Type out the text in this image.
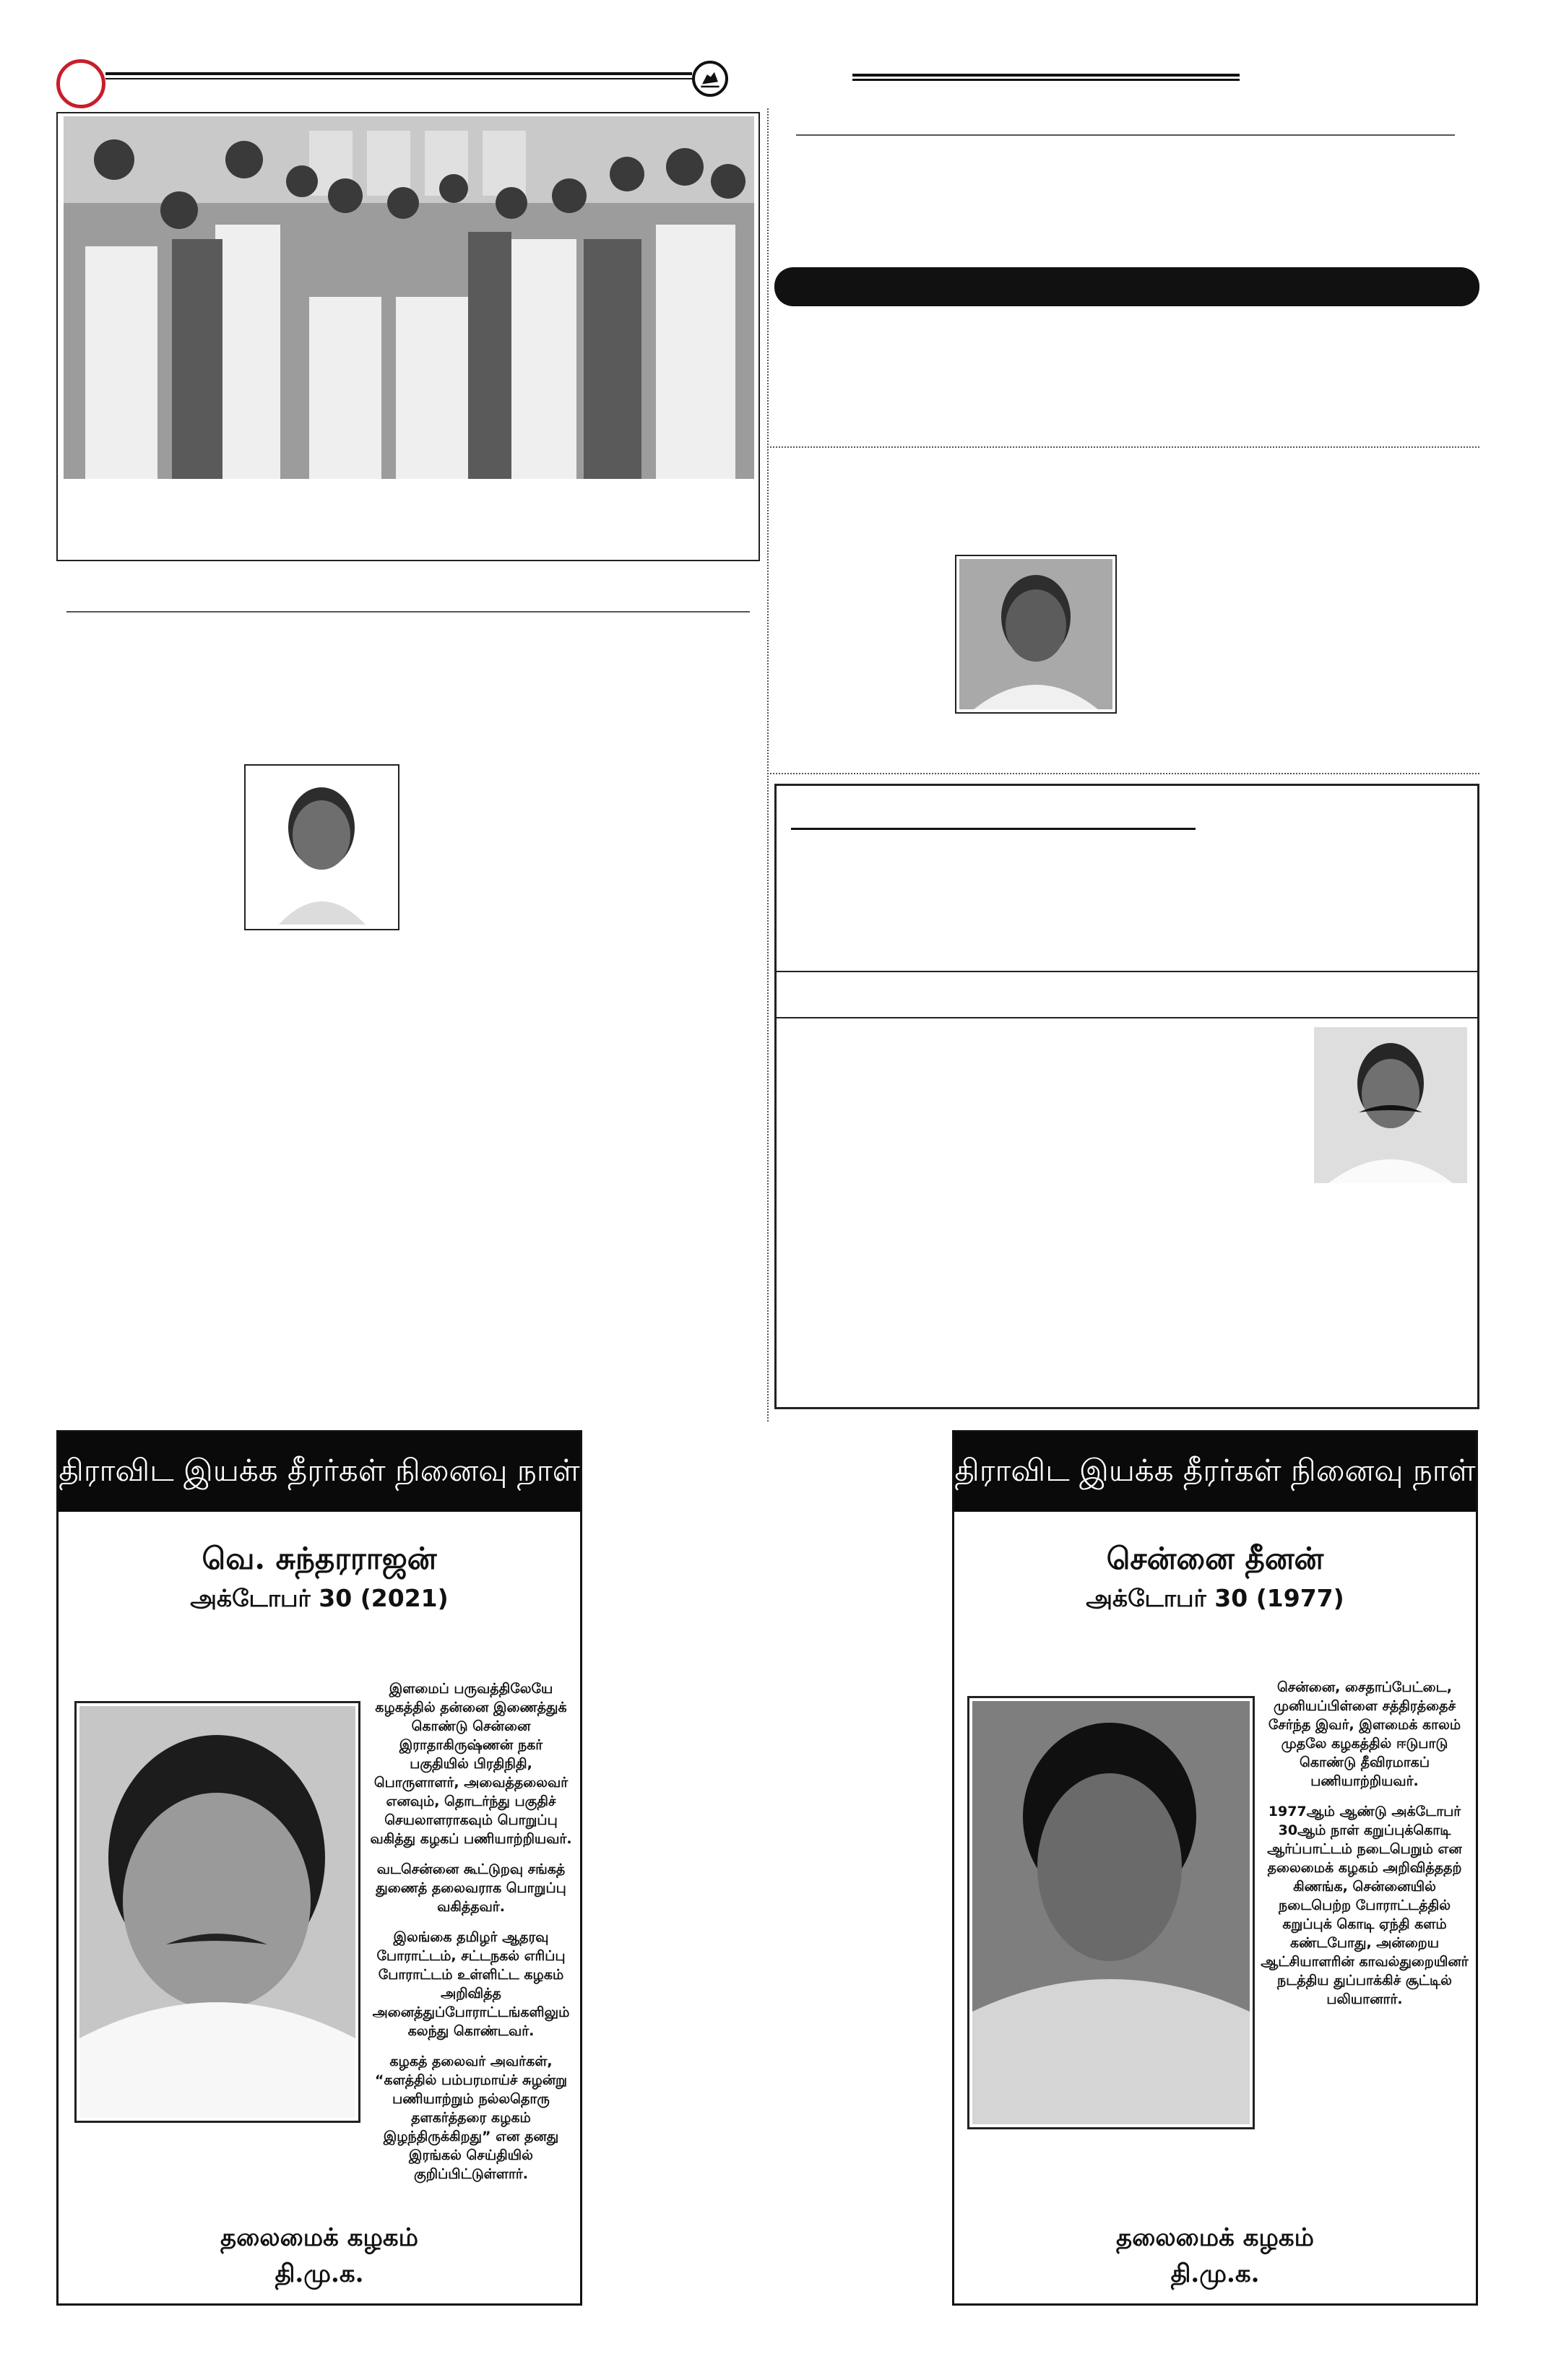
திராவிட இயக்க தீரர்கள் நினைவு நாள்
வெ. சுந்தரராஜன்
அக்டோபர் 30 (2021)

இளமைப் பருவத்திலேயே கழகத்தில் தன்னை இணைத்துக் கொண்டு சென்னை இராதாகிருஷ்ணன் நகர் பகுதியில் பிரதிநிதி, பொருளாளர், அவைத்தலைவர் எனவும், தொடர்ந்து பகுதிச் செயலாளராகவும் பொறுப்பு வகித்து கழகப் பணியாற்றியவர்.

வடசென்னை கூட்டுறவு சங்கத் துணைத் தலைவராக பொறுப்பு வகித்தவர்.

இலங்கை தமிழர் ஆதரவு போராட்டம், சட்டநகல் எரிப்பு போராட்டம் உள்ளிட்ட கழகம் அறிவித்த அனைத்துப்போராட்டங்களிலும் கலந்து கொண்டவர்.

கழகத் தலைவர் அவர்கள், “களத்தில் பம்பரமாய்ச் சுழன்று பணியாற்றும் நல்லதொரு தளகர்த்தரை கழகம் இழந்திருக்கிறது” என தனது இரங்கல் செய்தியில் குறிப்பிட்டுள்ளார்.

தலைமைக் கழகம்
தி.மு.க.
திராவிட இயக்க தீரர்கள் நினைவு நாள்
சென்னை தீனன்
அக்டோபர் 30 (1977)

சென்னை, சைதாப்பேட்டை, முனியப்பிள்ளை சத்திரத்தைச் சேர்ந்த இவர், இளமைக் காலம் முதலே கழகத்தில் ஈடுபாடு கொண்டு தீவிரமாகப் பணியாற்றியவர்.

1977ஆம் ஆண்டு அக்டோபர் 30ஆம் நாள் கறுப்புக்கொடி ஆர்ப்பாட்டம் நடைபெறும் என தலைமைக் கழகம் அறிவித்ததற் கிணங்க, சென்னையில் நடைபெற்ற போராட்டத்தில் கறுப்புக் கொடி ஏந்தி களம் கண்டபோது, அன்றைய ஆட்சியாளரின் காவல்துறையினர் நடத்திய துப்பாக்கிச் சூட்டில் பலியானார்.

தலைமைக் கழகம்
தி.மு.க.
